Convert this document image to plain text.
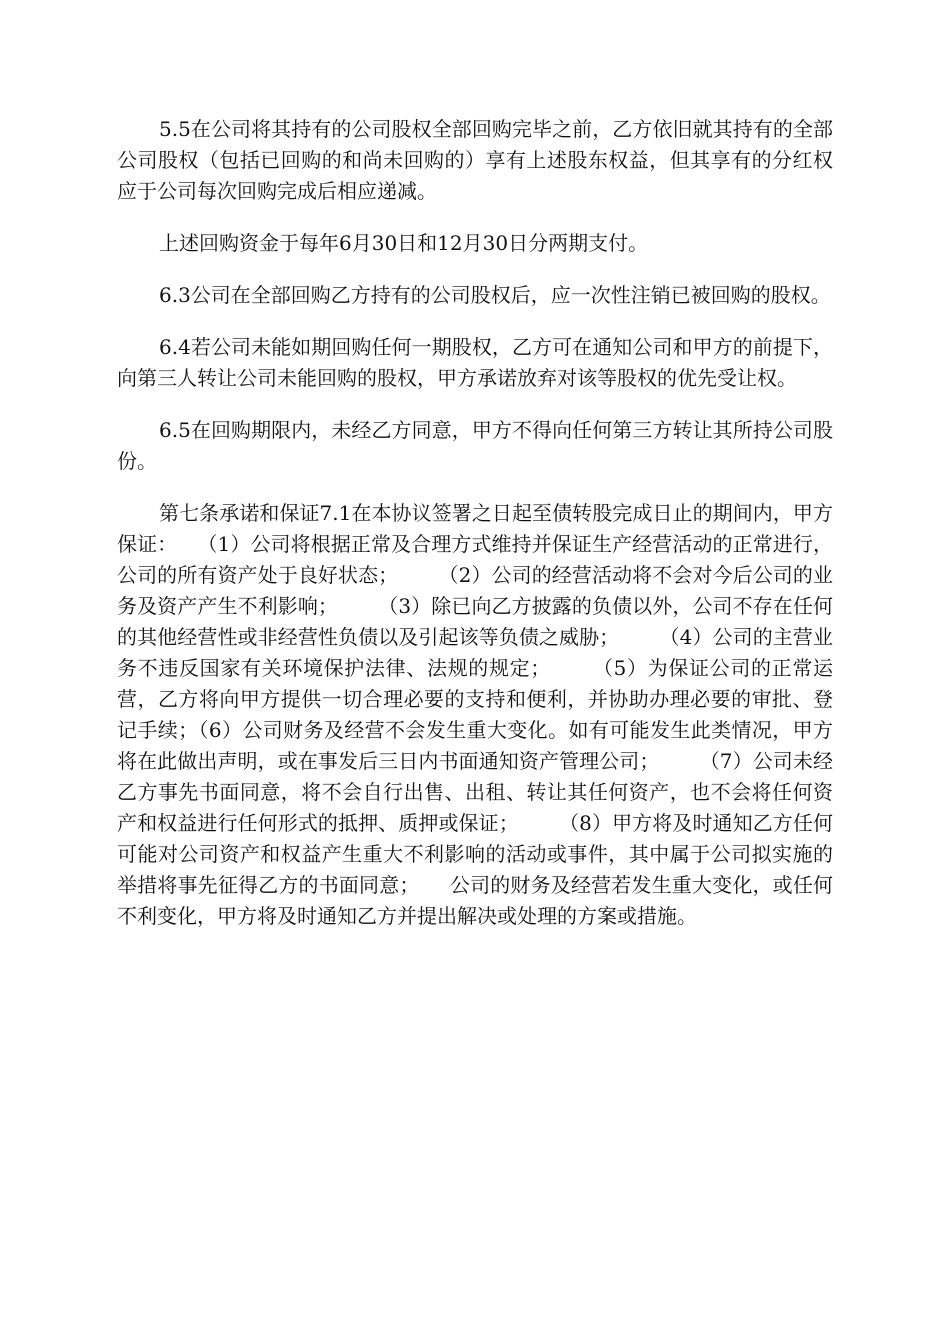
5.5在公司将其持有的公司股权全部回购完毕之前，乙方依旧就其持有的全部公司股权（包括已回购的和尚未回购的）享有上述股东权益，但其享有的分红权应于公司每次回购完成后相应递减。

上述回购资金于每年6月30日和12月30日分两期支付。

6.3公司在全部回购乙方持有的公司股权后，应一次性注销已被回购的股权。

6.4若公司未能如期回购任何一期股权，乙方可在通知公司和甲方的前提下，向第三人转让公司未能回购的股权，甲方承诺放弃对该等股权的优先受让权。

6.5在回购期限内，未经乙方同意，甲方不得向任何第三方转让其所持公司股份。

第七条承诺和保证7.1在本协议签署之日起至债转股完成日止的期间内，甲方保证：　　（1）公司将根据正常及合理方式维持并保证生产经营活动的正常进行，公司的所有资产处于良好状态；　　　（2）公司的经营活动将不会对今后公司的业务及资产产生不利影响；　　　（3）除已向乙方披露的负债以外，公司不存在任何的其他经营性或非经营性负债以及引起该等负债之威胁；　　　（4）公司的主营业务不违反国家有关环境保护法律、法规的规定；　　　（5）为保证公司的正常运营，乙方将向甲方提供一切合理必要的支持和便利，并协助办理必要的审批、登记手续；（6）公司财务及经营不会发生重大变化。如有可能发生此类情况，甲方将在此做出声明，或在事发后三日内书面通知资产管理公司；　　　（7）公司未经乙方事先书面同意，将不会自行出售、出租、转让其任何资产，也不会将任何资产和权益进行任何形式的抵押、质押或保证；　　　（8）甲方将及时通知乙方任何可能对公司资产和权益产生重大不利影响的活动或事件，其中属于公司拟实施的举措将事先征得乙方的书面同意；　　公司的财务及经营若发生重大变化，或任何不利变化，甲方将及时通知乙方并提出解决或处理的方案或措施。
